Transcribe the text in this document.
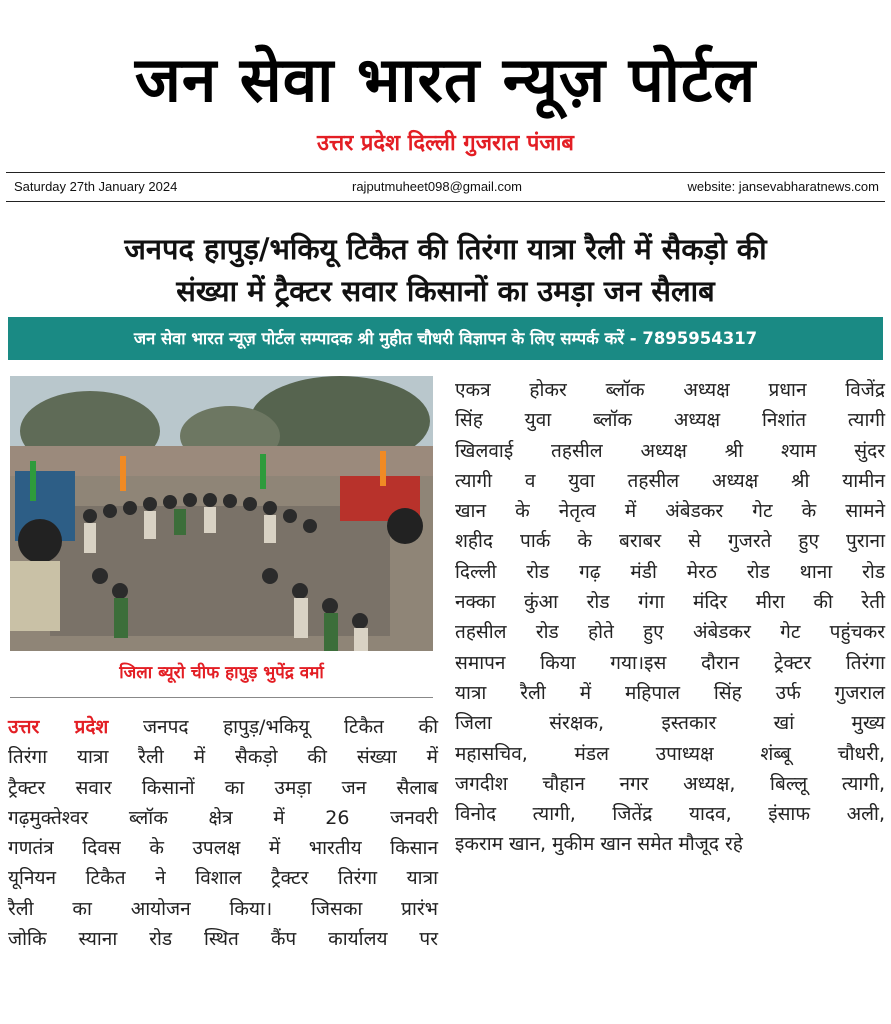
जन सेवा भारत न्यूज़ पोर्टल
उत्तर प्रदेश दिल्ली गुजरात पंजाब
Saturday 27th January 2024	rajputmuheet098@gmail.com	website: jansevabharatnews.com
जनपद हापुड़/भकियू टिकैत की तिरंगा यात्रा रैली में सैकड़ो की
संख्या में ट्रैक्टर सवार किसानों का उमड़ा जन सैलाब
जन सेवा भारत न्यूज़ पोर्टल सम्पादक श्री मुहीत चौधरी विज्ञापन के लिए सम्पर्क करें - 7895954317
जिला ब्यूरो चीफ हापुड़ भुपेंद्र वर्मा
उत्तर प्रदेश जनपद हापुड़/भकियू टिकैत की
तिरंगा यात्रा रैली में सैकड़ो की संख्या में
ट्रैक्टर सवार किसानों का उमड़ा जन सैलाब
गढ़मुक्तेश्वर ब्लॉक क्षेत्र में 26 जनवरी
गणतंत्र दिवस के उपलक्ष में भारतीय किसान
यूनियन टिकैत ने विशाल ट्रैक्टर तिरंगा यात्रा
रैली का आयोजन किया। जिसका प्रारंभ
जोकि स्याना रोड स्थित कैंप कार्यालय पर
एकत्र होकर ब्लॉक अध्यक्ष प्रधान विजेंद्र
सिंह युवा ब्लॉक अध्यक्ष निशांत त्यागी
खिलवाई तहसील अध्यक्ष श्री श्याम सुंदर
त्यागी व युवा तहसील अध्यक्ष श्री यामीन
खान के नेतृत्व में अंबेडकर गेट के सामने
शहीद पार्क के बराबर से गुजरते हुए पुराना
दिल्ली रोड गढ़ मंडी मेरठ रोड थाना रोड
नक्का कुंआ रोड गंगा मंदिर मीरा की रेती
तहसील रोड होते हुए अंबेडकर गेट पहुंचकर
समापन किया गया।इस दौरान ट्रेक्टर तिरंगा
यात्रा रैली में महिपाल सिंह उर्फ गुजराल
जिला संरक्षक, इस्तकार खां मुख्य
महासचिव, मंडल उपाध्यक्ष शंब्बू चौधरी,
जगदीश चौहान नगर अध्यक्ष, बिल्लू त्यागी,
विनोद त्यागी, जितेंद्र यादव, इंसाफ अली,
इकराम खान, मुकीम खान समेत मौजूद रहे
